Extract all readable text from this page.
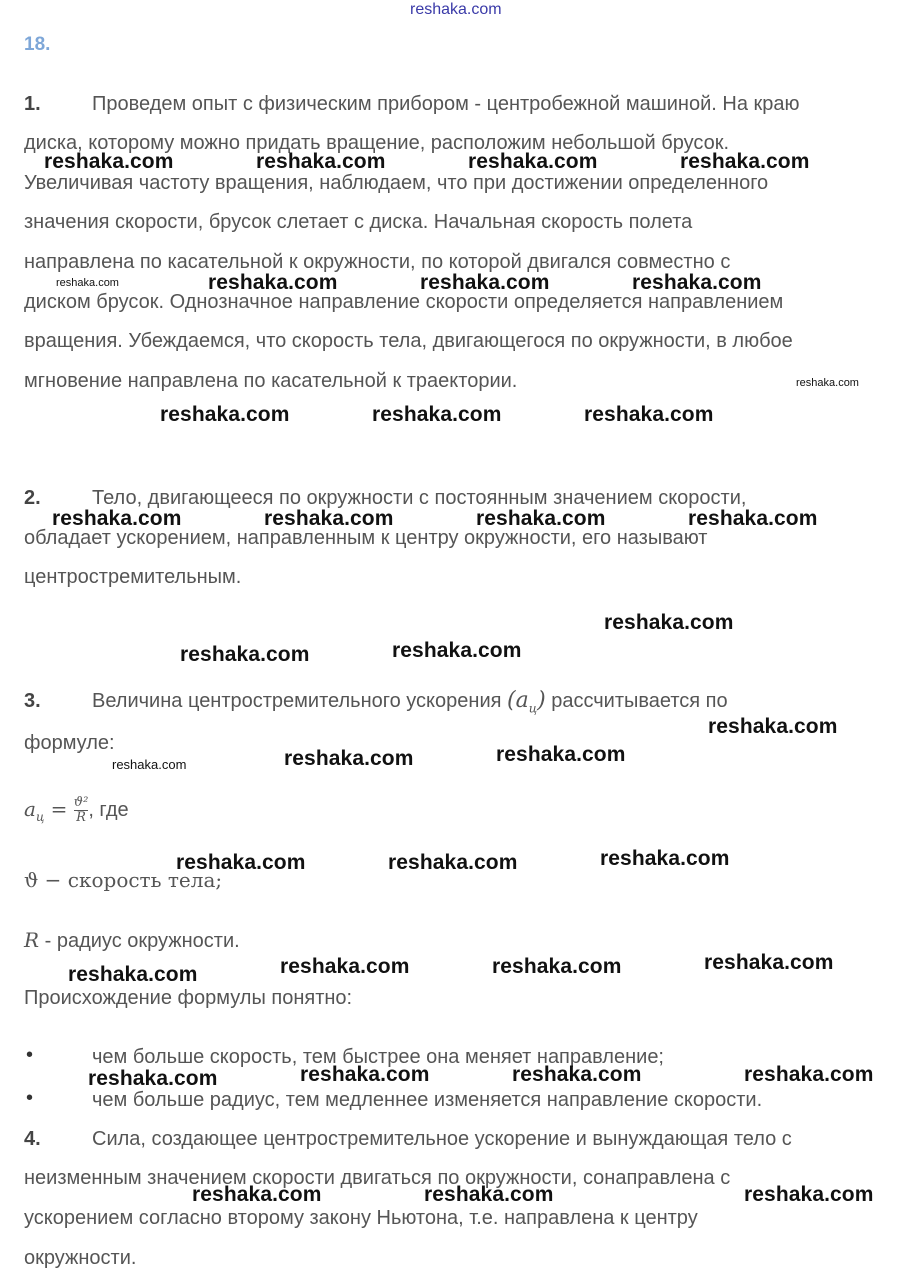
reshaka.com
18.
1.	Проведем опыт с физическим прибором - центробежной машиной. На краю
диска, которому можно придать вращение, расположим небольшой брусок.
Увеличивая частоту вращения, наблюдаем, что при достижении определенного
значения скорости, брусок слетает с диска. Начальная скорость полета
направлена по касательной к окружности, по которой двигался совместно с
диском брусок. Однозначное направление скорости определяется направлением
вращения. Убеждаемся, что скорость тела, двигающегося по окружности, в любое
мгновение направлена по касательной к траектории.
2.	Тело, двигающееся по окружности с постоянным значением скорости,
обладает ускорением, направленным к центру окружности, его называют
центростремительным.
3.	Величина центростремительного ускорения $(a_ц)$ рассчитывается по
формуле:
$a_ц = \frac{\text{ϑ²}}{R}$ , где
ϑ − скорость тела;
R - радиус окружности.
Происхождение формулы понятно:
•	чем больше скорость, тем быстрее она меняет направление;
•	чем больше радиус, тем медленнее изменяется направление скорости.
4.	Сила, создающее центростремительное ускорение и вынуждающая тело с
неизменным значением скорости двигаться по окружности, сонаправлена с
ускорением согласно второму закону Ньютона, т.е. направлена к центру
окружности.
reshaka.com	reshaka.com	reshaka.com	reshaka.com
reshaka.com	reshaka.com	reshaka.com	reshaka.com
reshaka.com
reshaka.com	reshaka.com	reshaka.com
reshaka.com	reshaka.com	reshaka.com	reshaka.com
reshaka.com
reshaka.com	reshaka.com
reshaka.com
reshaka.com	reshaka.com	reshaka.com
reshaka.com	reshaka.com	reshaka.com
reshaka.com	reshaka.com	reshaka.com	reshaka.com
reshaka.com	reshaka.com	reshaka.com	reshaka.com
reshaka.com	reshaka.com	reshaka.com
